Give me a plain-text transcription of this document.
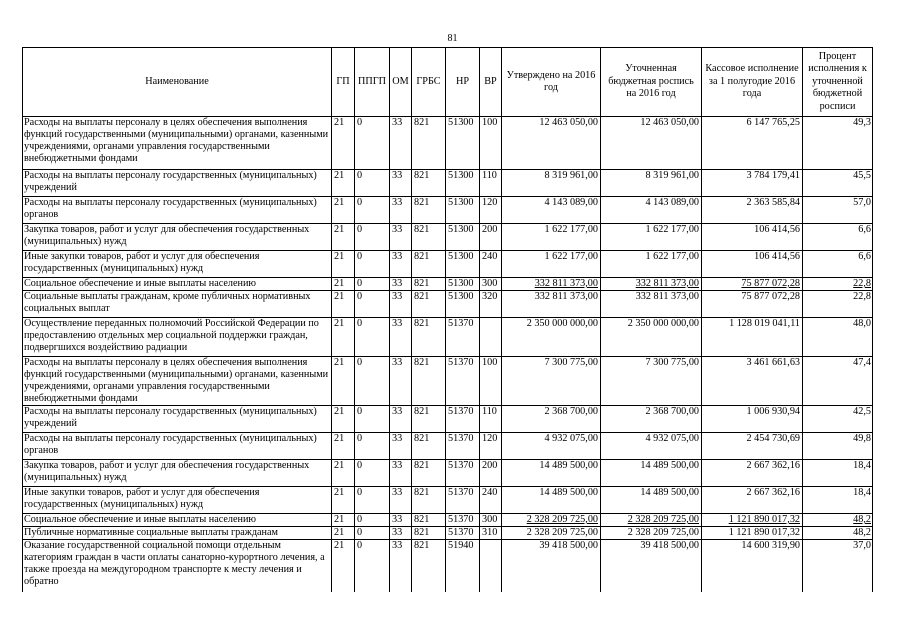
81
Наименование	ГП	ППГП	ОМ	ГРБС	НР	ВР	Утверждено на 2016 год	Уточненная бюджетная роспись на 2016 год	Кассовое исполнение за 1 полугодие 2016 года	Процент исполнения к уточненной бюджетной росписи
Расходы на выплаты персоналу в целях обеспечения выполнения функций государственными (муниципальными) органами, казенными учреждениями, органами управления государственными внебюджетными фондами	21	0	33	821	51300	100	12 463 050,00	12 463 050,00	6 147 765,25	49,3
Расходы на выплаты персоналу государственных (муниципальных) учреждений	21	0	33	821	51300	110	8 319 961,00	8 319 961,00	3 784 179,41	45,5
Расходы на выплаты персоналу государственных (муниципальных) органов	21	0	33	821	51300	120	4 143 089,00	4 143 089,00	2 363 585,84	57,0
Закупка товаров, работ и услуг для обеспечения государственных (муниципальных) нужд	21	0	33	821	51300	200	1 622 177,00	1 622 177,00	106 414,56	6,6
Иные закупки товаров, работ и услуг для обеспечения государственных (муниципальных) нужд	21	0	33	821	51300	240	1 622 177,00	1 622 177,00	106 414,56	6,6
Социальное обеспечение и иные выплаты населению	21	0	33	821	51300	300	332 811 373,00	332 811 373,00	75 877 072,28	22,8
Социальные выплаты гражданам, кроме публичных нормативных социальных выплат	21	0	33	821	51300	320	332 811 373,00	332 811 373,00	75 877 072,28	22,8
Осуществление переданных полномочий Российской Федерации по предоставлению отдельных мер социальной поддержки граждан, подвергшихся воздействию радиации	21	0	33	821	51370		2 350 000 000,00	2 350 000 000,00	1 128 019 041,11	48,0
Расходы на выплаты персоналу в целях обеспечения выполнения функций государственными (муниципальными) органами, казенными учреждениями, органами управления государственными внебюджетными фондами	21	0	33	821	51370	100	7 300 775,00	7 300 775,00	3 461 661,63	47,4
Расходы на выплаты персоналу государственных (муниципальных) учреждений	21	0	33	821	51370	110	2 368 700,00	2 368 700,00	1 006 930,94	42,5
Расходы на выплаты персоналу государственных (муниципальных) органов	21	0	33	821	51370	120	4 932 075,00	4 932 075,00	2 454 730,69	49,8
Закупка товаров, работ и услуг для обеспечения государственных (муниципальных) нужд	21	0	33	821	51370	200	14 489 500,00	14 489 500,00	2 667 362,16	18,4
Иные закупки товаров, работ и услуг для обеспечения государственных (муниципальных) нужд	21	0	33	821	51370	240	14 489 500,00	14 489 500,00	2 667 362,16	18,4
Социальное обеспечение и иные выплаты населению	21	0	33	821	51370	300	2 328 209 725,00	2 328 209 725,00	1 121 890 017,32	48,2
Публичные нормативные социальные выплаты гражданам	21	0	33	821	51370	310	2 328 209 725,00	2 328 209 725,00	1 121 890 017,32	48,2
Оказание государственной социальной помощи отдельным категориям граждан в части оплаты санаторно-курортного лечения, а также проезда на междугородном транспорте к месту лечения и обратно	21	0	33	821	51940		39 418 500,00	39 418 500,00	14 600 319,90	37,0
